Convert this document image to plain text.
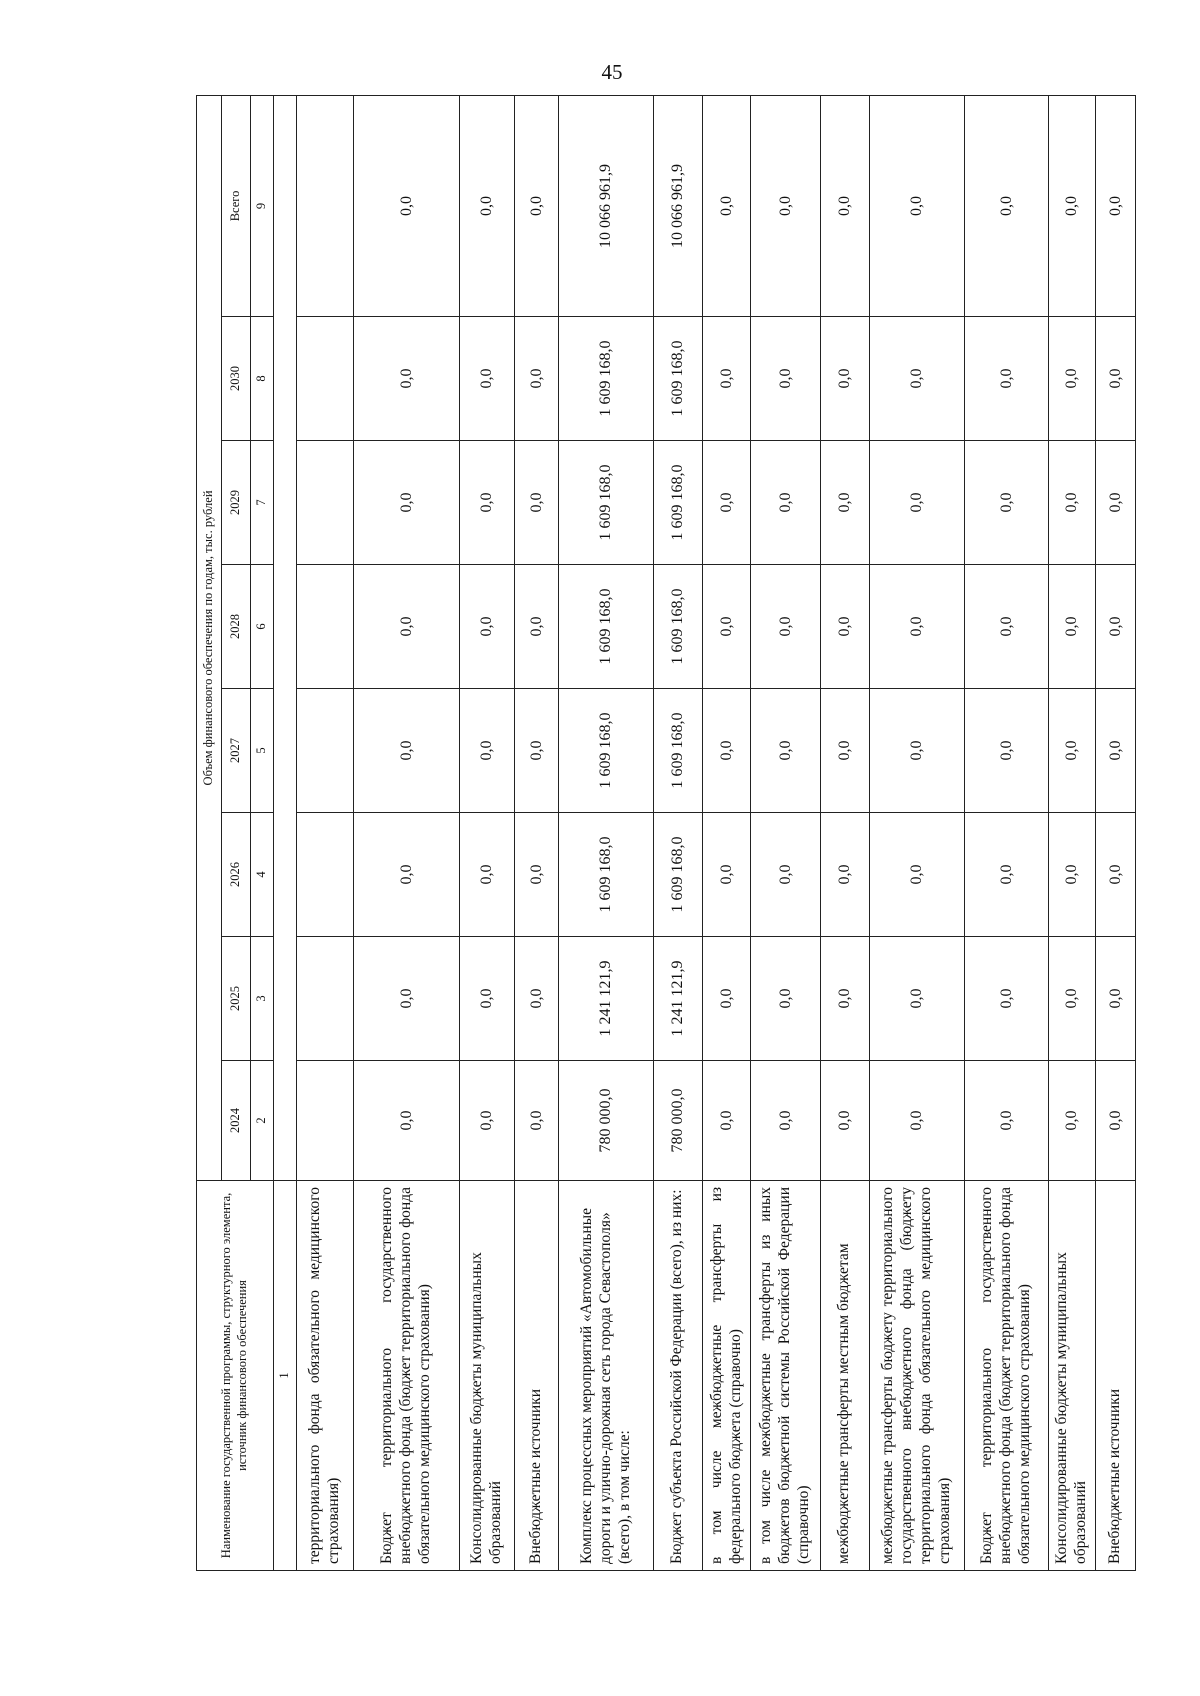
45
Наименование государственной программы, структурного элемента, источник финансового обеспечения	Объем финансового обеспечения по годам, тыс. рублей							
	2024	2025	2026	2027	2028	2029	2030	Всего
	2	3	4	5	6	7	8	9
1								
территориального фонда обязательного медицинского страхования)								
Бюджет территориального государственного внебюджетного фонда (бюджет территориального фонда обязательного медицинского страхования)	0,0	0,0	0,0	0,0	0,0	0,0	0,0	0,0
Консолидированные бюджеты муниципальных образований	0,0	0,0	0,0	0,0	0,0	0,0	0,0	0,0
Внебюджетные источники	0,0	0,0	0,0	0,0	0,0	0,0	0,0	0,0
Комплекс процессных мероприятий «Автомобильные дороги и улично-дорожная сеть города Севастополя» (всего), в том числе:	780 000,0	1 241 121,9	1 609 168,0	1 609 168,0	1 609 168,0	1 609 168,0	1 609 168,0	10 066 961,9
Бюджет субъекта Российской Федерации (всего), из них:	780 000,0	1 241 121,9	1 609 168,0	1 609 168,0	1 609 168,0	1 609 168,0	1 609 168,0	10 066 961,9
в том числе межбюджетные трансферты из федерального бюджета (справочно)	0,0	0,0	0,0	0,0	0,0	0,0	0,0	0,0
в том числе межбюджетные трансферты из иных бюджетов бюджетной системы Российской Федерации (справочно)	0,0	0,0	0,0	0,0	0,0	0,0	0,0	0,0
межбюджетные трансферты местным бюджетам	0,0	0,0	0,0	0,0	0,0	0,0	0,0	0,0
межбюджетные трансферты бюджету территориального государственного внебюджетного фонда (бюджету территориального фонда обязательного медицинского страхования)	0,0	0,0	0,0	0,0	0,0	0,0	0,0	0,0
Бюджет территориального государственного внебюджетного фонда (бюджет территориального фонда обязательного медицинского страхования)	0,0	0,0	0,0	0,0	0,0	0,0	0,0	0,0
Консолидированные бюджеты муниципальных образований	0,0	0,0	0,0	0,0	0,0	0,0	0,0	0,0
Внебюджетные источники	0,0	0,0	0,0	0,0	0,0	0,0	0,0	0,0
